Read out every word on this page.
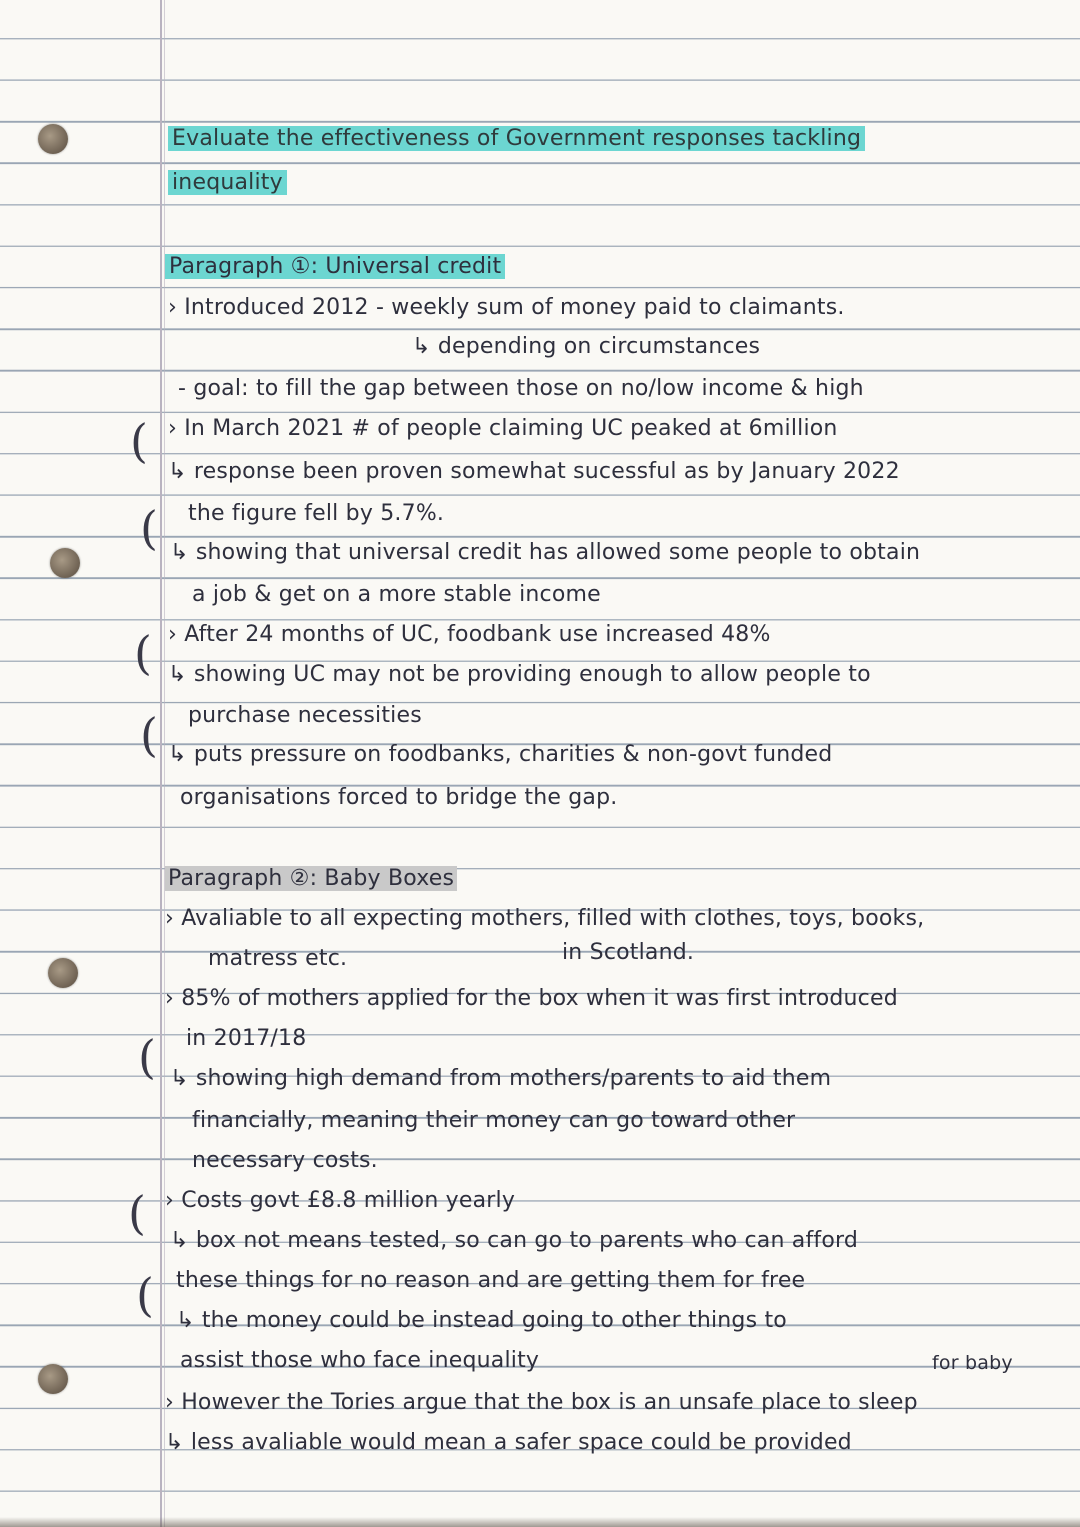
Evaluate the effectiveness of Government responses tackling
inequality
Paragraph ①: Universal credit
› Introduced 2012 - weekly sum of money paid to claimants.
↳ depending on circumstances
- goal: to fill the gap between those on no/low income & high
› In March 2021 # of people claiming UC peaked at 6million
(
↳ response been proven somewhat sucessful as by January 2022
the figure fell by 5.7%.
( ↳ showing that universal credit has allowed some people to obtain
a job & get on a more stable income
› After 24 months of UC, foodbank use increased 48%
( ↳ showing UC may not be providing enough to allow people to
purchase necessities
( ↳ puts pressure on foodbanks, charities & non-govt funded
organisations forced to bridge the gap.
Paragraph ②: Baby Boxes
› Avaliable to all expecting mothers, filled with clothes, toys, books,
matress etc.	in Scotland.
› 85% of mothers applied for the box when it was first introduced
in 2017/18
( ↳ showing high demand from mothers/parents to aid them
financially, meaning their money can go toward other
necessary costs.
› Costs govt £8.8 million yearly
(
↳ box not means tested, so can go to parents who can afford
these things for no reason and are getting them for free
( ↳ the money could be instead going to other things to
assist those who face inequality	for baby
› However the Tories argue that the box is an unsafe place to sleep
↳ less avaliable would mean a safer space could be provided
